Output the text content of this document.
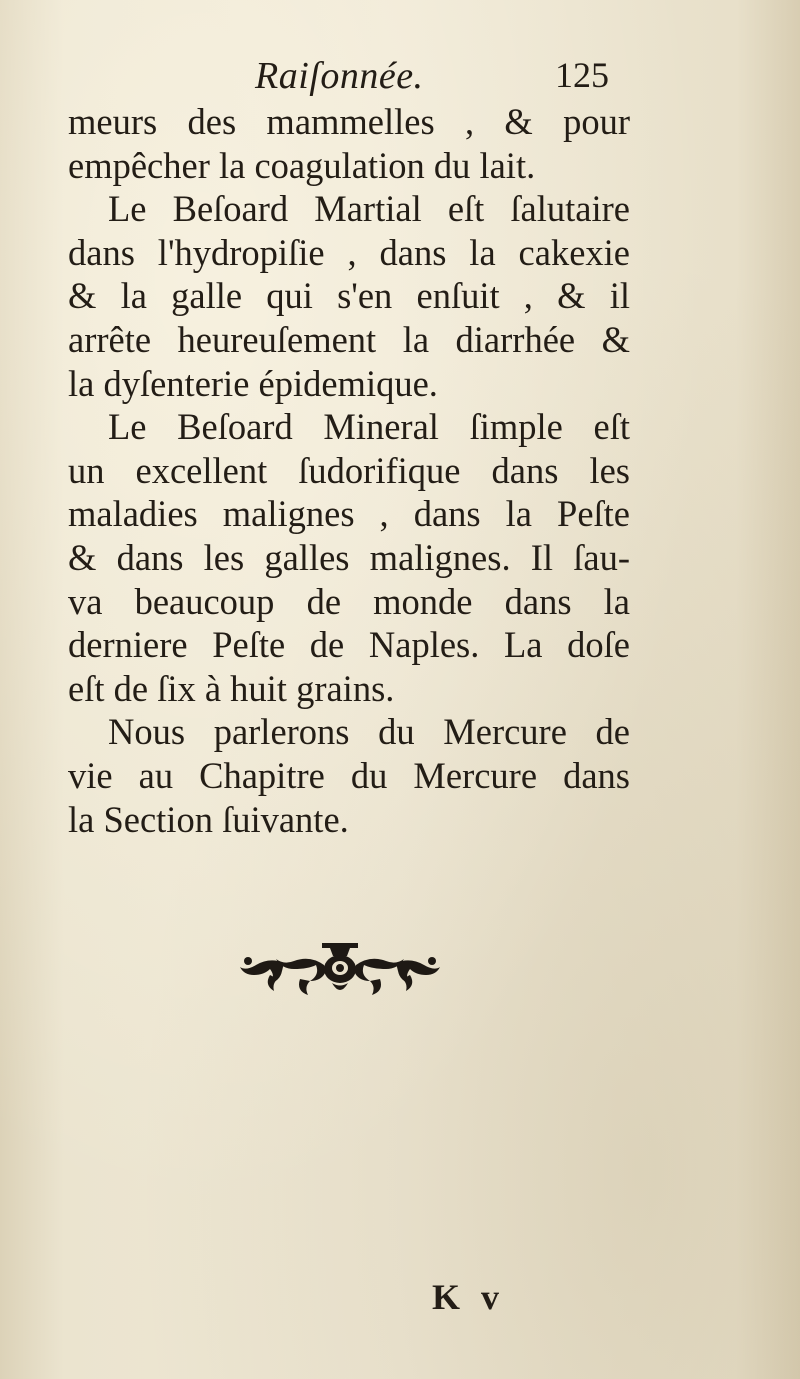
Raiſonnée.	125
meurs des mammelles , & pour
empêcher la coagulation du lait.
Le Beſoard Martial eſt ſalutaire
dans l'hydropiſie , dans la cakexie
& la galle qui s'en enſuit , & il
arrête heureuſement la diarrhée &
la dyſenterie épidemique.
Le Beſoard Mineral ſimple eſt
un excellent ſudorifique dans les
maladies malignes , dans la Peſte
& dans les galles malignes. Il ſau-
va beaucoup de monde dans la
derniere Peſte de Naples. La doſe
eſt de ſix à huit grains.
Nous parlerons du Mercure de
vie au Chapitre du Mercure dans
la Section ſuivante.
K v
